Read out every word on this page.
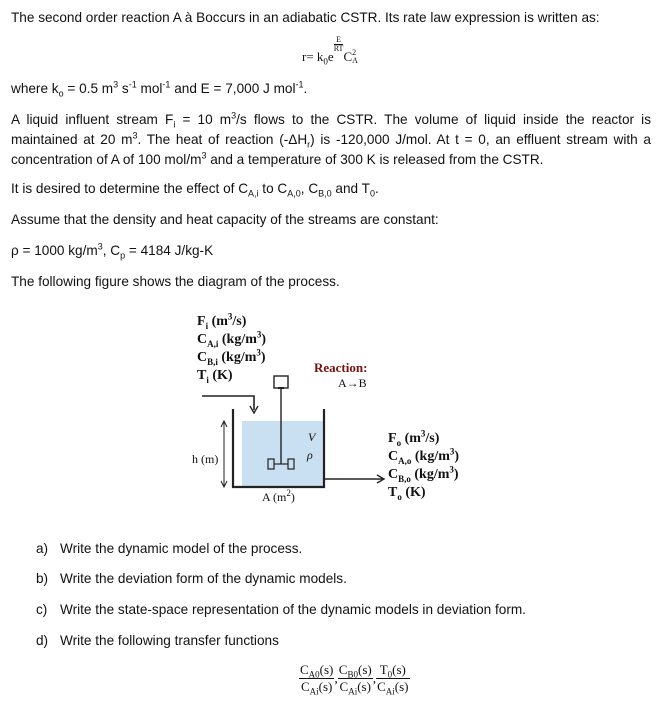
The second order reaction A à Boccurs in an adiabatic CSTR. Its rate law expression is written as:
$r= k_0e$
$\frac{E}{RT}$
C 2
A
where $k_o = 0.5$ $m^3$ $s^{-1}$ mol$^{-1}$ and E = 7,000 J mol$^{-1}$.
A liquid influent stream $F_i = 10$ $m^3/s$ flows to the CSTR. The volume of liquid inside the reactor is maintained at 20 $m^3$. The heat of reaction $(-\Delta H_r)$ is -120,000 J/mol. At t = 0, an effluent stream with a concentration of A of 100 mol/$m^3$ and a temperature of 300 K is released from the CSTR.
It is desired to determine the effect of $C_{A,i}$ to $C_{A,0}$, $C_{B,0}$ and $T_0$.
Assume that the density and heat capacity of the streams are constant:
ρ = 1000 $kg/m^3$, $C_p = 4184$ J/kg-K
The following figure shows the diagram of the process.
$F_i$ $(m^3/s)$
$C_{A,i}$ $(kg/m^3)$
$C_{B,i}$ $(kg/m^3)$
$T_i$ (K)
Reaction:
A→B
V
ρ
h (m)
A $(m^2)$
$F_o$ $(m^3/s)$
$C_{A,o}$ $(kg/m^3)$
$C_{B,o}$ $(kg/m^3)$
$T_o$ (K)
a) Write the dynamic model of the process.
b) Write the deviation form of the dynamic models.
c) Write the state-space representation of the dynamic models in deviation form.
d) Write the following transfer functions
$\frac{C_{A0}(s)}{C_{Ai}(s)}$ , $\frac{C_{B0}(s)}{C_{Ai}(s)}$ , $\frac{T_0(s)}{C_{Ai}(s)}$
